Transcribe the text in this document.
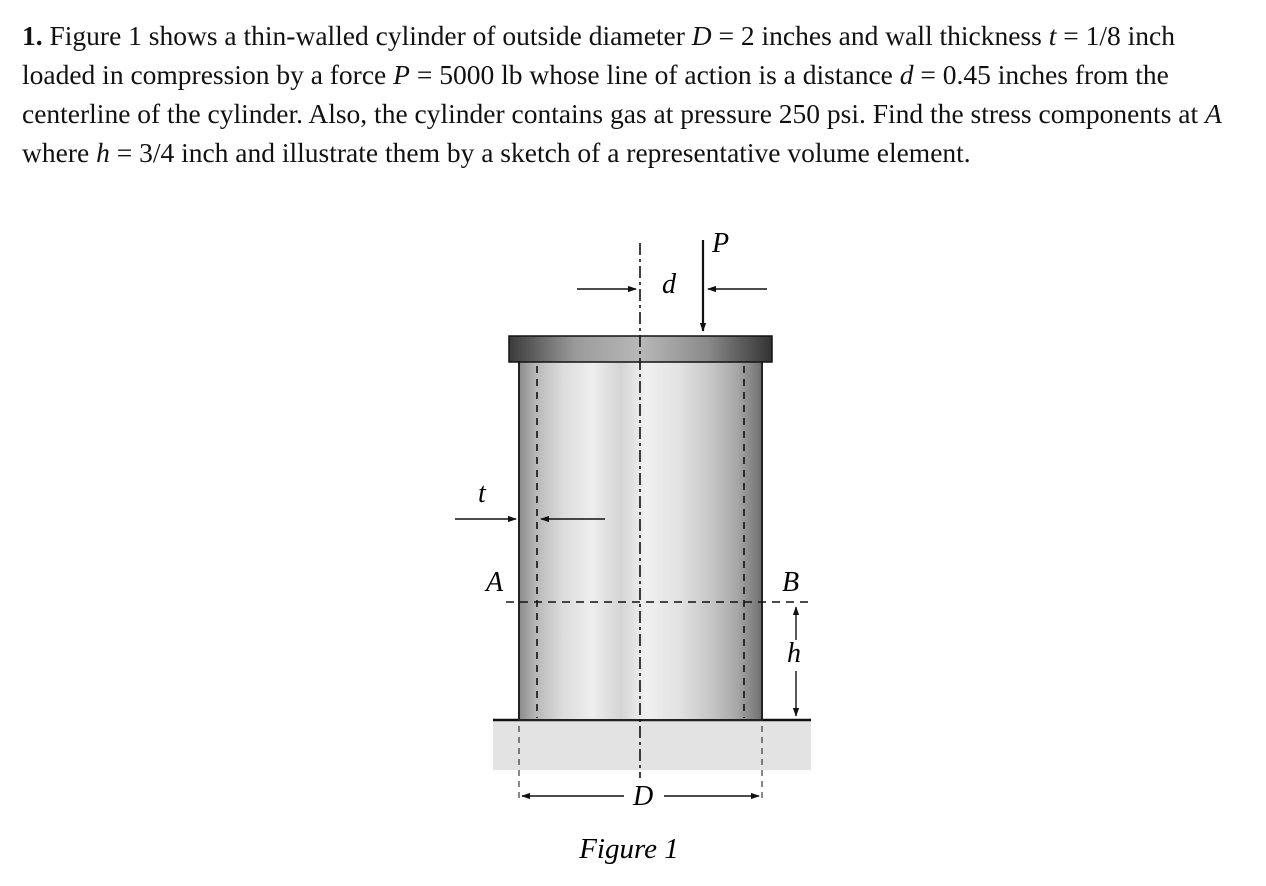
1. Figure 1 shows a thin-walled cylinder of outside diameter D = 2 inches and wall thickness t = 1/8 inch loaded in compression by a force P = 5000 lb whose line of action is a distance d = 0.45 inches from the centerline of the cylinder. Also, the cylinder contains gas at pressure 250 psi. Find the stress components at A where h = 3/4 inch and illustrate them by a sketch of a representative volume element.

P
d
t
A	B
h
D
Figure 1
